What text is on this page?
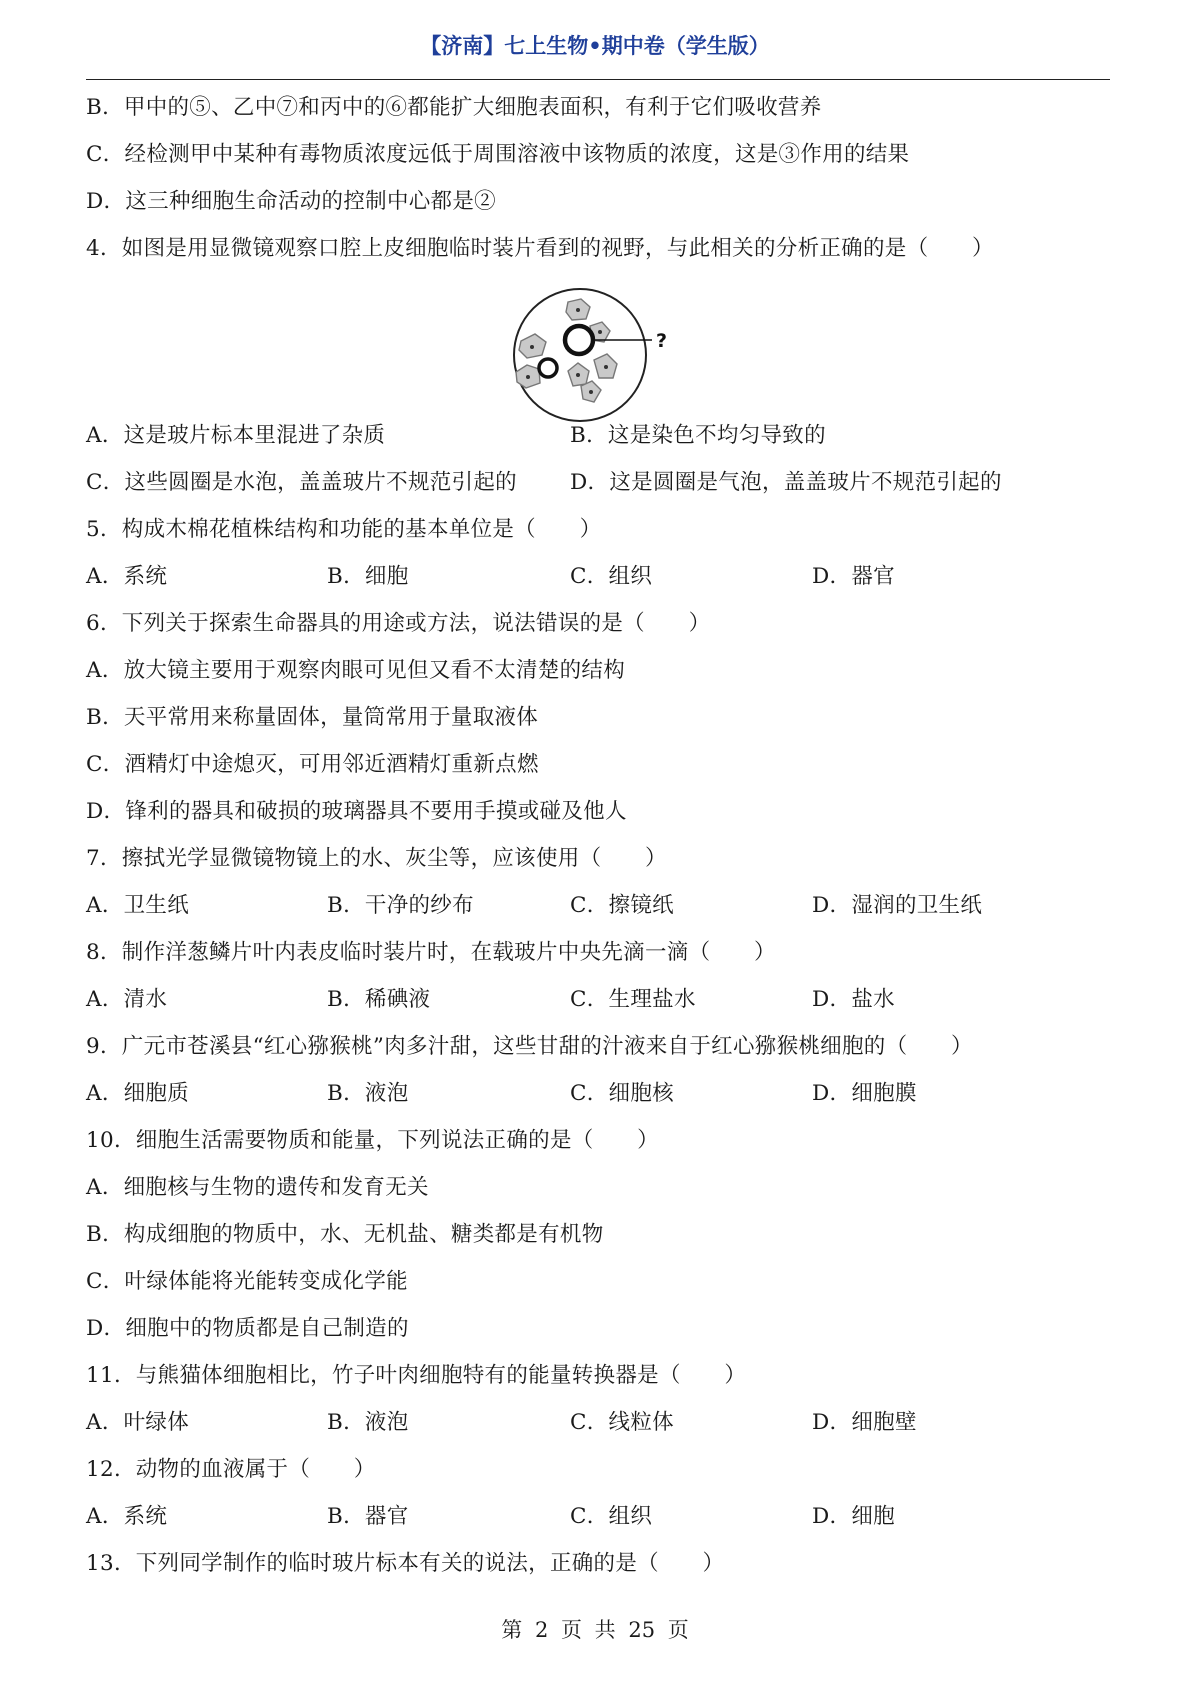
【济南】七上生物•期中卷（学生版）
B．甲中的⑤、乙中⑦和丙中的⑥都能扩大细胞表面积，有利于它们吸收营养
C．经检测甲中某种有毒物质浓度远低于周围溶液中该物质的浓度，这是③作用的结果
D．这三种细胞生命活动的控制中心都是②
4．如图是用显微镜观察口腔上皮细胞临时装片看到的视野，与此相关的分析正确的是（　　）
?
A．这是玻片标本里混进了杂质	B．这是染色不均匀导致的
C．这些圆圈是水泡，盖盖玻片不规范引起的 D．这是圆圈是气泡，盖盖玻片不规范引起的
5．构成木棉花植株结构和功能的基本单位是（　　）
A．系统	B．细胞	C．组织	D．器官
6．下列关于探索生命器具的用途或方法，说法错误的是（　　）
A．放大镜主要用于观察肉眼可见但又看不太清楚的结构
B．天平常用来称量固体，量筒常用于量取液体
C．酒精灯中途熄灭，可用邻近酒精灯重新点燃
D．锋利的器具和破损的玻璃器具不要用手摸或碰及他人
7．擦拭光学显微镜物镜上的水、灰尘等，应该使用（　　）
A．卫生纸	B．干净的纱布	C．擦镜纸	D．湿润的卫生纸
8．制作洋葱鳞片叶内表皮临时装片时，在载玻片中央先滴一滴（　　）
A．清水	B．稀碘液	C．生理盐水	D．盐水
9．广元市苍溪县“红心猕猴桃”肉多汁甜，这些甘甜的汁液来自于红心猕猴桃细胞的（　　）
A．细胞质	B．液泡	C．细胞核	D．细胞膜
10．细胞生活需要物质和能量，下列说法正确的是（　　）
A．细胞核与生物的遗传和发育无关
B．构成细胞的物质中，水、无机盐、糖类都是有机物
C．叶绿体能将光能转变成化学能
D．细胞中的物质都是自己制造的
11．与熊猫体细胞相比，竹子叶肉细胞特有的能量转换器是（　　）
A．叶绿体	B．液泡	C．线粒体	D．细胞壁
12．动物的血液属于（　　）
A．系统	B．器官	C．组织	D．细胞
13．下列同学制作的临时玻片标本有关的说法，正确的是（　　）
第 2 页 共 25 页
